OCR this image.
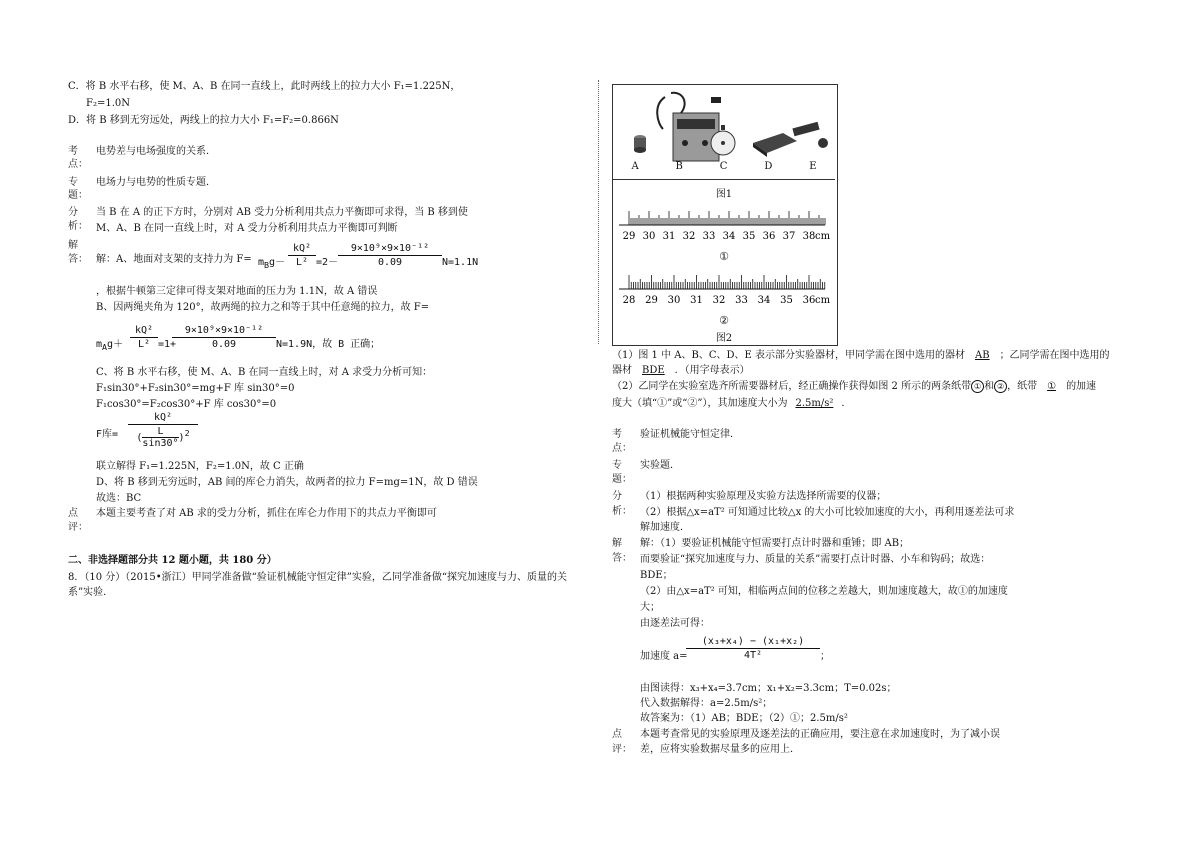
C．将 B 水平右移，使 M、A、B 在同一直线上，此时两线上的拉力大小 F₁=1.225N，
F₂=1.0N
D．将 B 移到无穷远处，两线上的拉力大小 F₁=F₂=0.866N
考
点：
电势差与电场强度的关系．
专
题：
电场力与电势的性质专题．
分
析：
当 B 在 A 的正下方时，分别对 AB 受力分析利用共点力平衡即可求得，当 B 移到使
M、A、B 在同一直线上时，对 A 受力分析利用共点力平衡即可判断
解
答： 解：A、地面对支架的支持力为 $F= m_Bg-$
kQ²
L² =2－
9×10⁹×9×10⁻¹²
0.09	N=1.1N
，根据牛顿第三定律可得支架对地面的压力为 1.1N，故 A 错误
B、因两绳夹角为 120°，故两绳的拉力之和等于其中任意绳的拉力，故 F=
$m_Ag+$
kQ²
L² =1+
9×10⁹×9×10⁻¹²
0.09	N=1.9N，故 B 正确；
C、将 B 水平右移，使 M、A、B 在同一直线上时，对 A 求受力分析可知：
F₁sin30°+F₂sin30°=mg+F 库 sin30°=0
F₁cos30°=F₂cos30°+F 库 cos30°=0
F库=
kQ²
( $\frac{L}{\sin 30^\circ} )^2$
联立解得 F₁=1.225N，F₂=1.0N，故 C 正确
D、将 B 移到无穷远时，AB 间的库仑力消失，故两者的拉力 F=mg=1N，故 D 错误
故选：BC
点
评：
本题主要考查了对 AB 求的受力分析，抓住在库仑力作用下的共点力平衡即可
二、非选择题部分共 12 题小题，共 180 分）
8．（10 分）（2015•浙江）甲同学准备做“验证机械能守恒定律”实验，乙同学准备做“探究加速度与力、质量的关
系”实验．
A	B	C	D	E
图1
29 30 31 32 33 34 35 36 37 38 cm
①
28 29 30 31 32 33 34 35 36 cm
②
图2
（1）图 1 中 A、B、C、D、E 表示部分实验器材，甲同学需在图中选用的器材 AB ；乙同学需在图中选用的
器材 BDE ．（用字母表示）
（2）乙同学在实验室选齐所需要器材后，经正确操作获得如图 2 所示的两条纸带 ① 和 ② ，纸带 ① 的加速
度大（填“①”或“②”），其加速度大小为 2.5m/s² ．
考
点：
验证机械能守恒定律．
专
题：
实验题．
分
析：
（1）根据两种实验原理及实验方法选择所需要的仪器；
（2）根据△x=aT² 可知通过比较△x 的大小可比较加速度的大小，再利用逐差法可求
解加速度．
解
答：
解：（1）要验证机械能守恒需要打点计时器和重锤；即 AB；
而要验证“探究加速度与力、质量的关系”需要打点计时器、小车和钩码；故选：
BDE；
（2）由△x=aT² 可知，相临两点间的位移之差越大，则加速度越大，故①的加速度
大；
由逐差法可得：
加速度 a=
(x₃+x₄) − (x₁+x₂)
4T²	；
由图读得：x₃+x₄=3.7cm；x₁+x₂=3.3cm；T=0.02s；
代入数据解得：a=2.5m/s²；
故答案为：（1）AB；BDE；（2）①；2.5m/s²
点
评：
本题考查常见的实验原理及逐差法的正确应用，要注意在求加速度时，为了减小误
差，应将实验数据尽量多的应用上．
